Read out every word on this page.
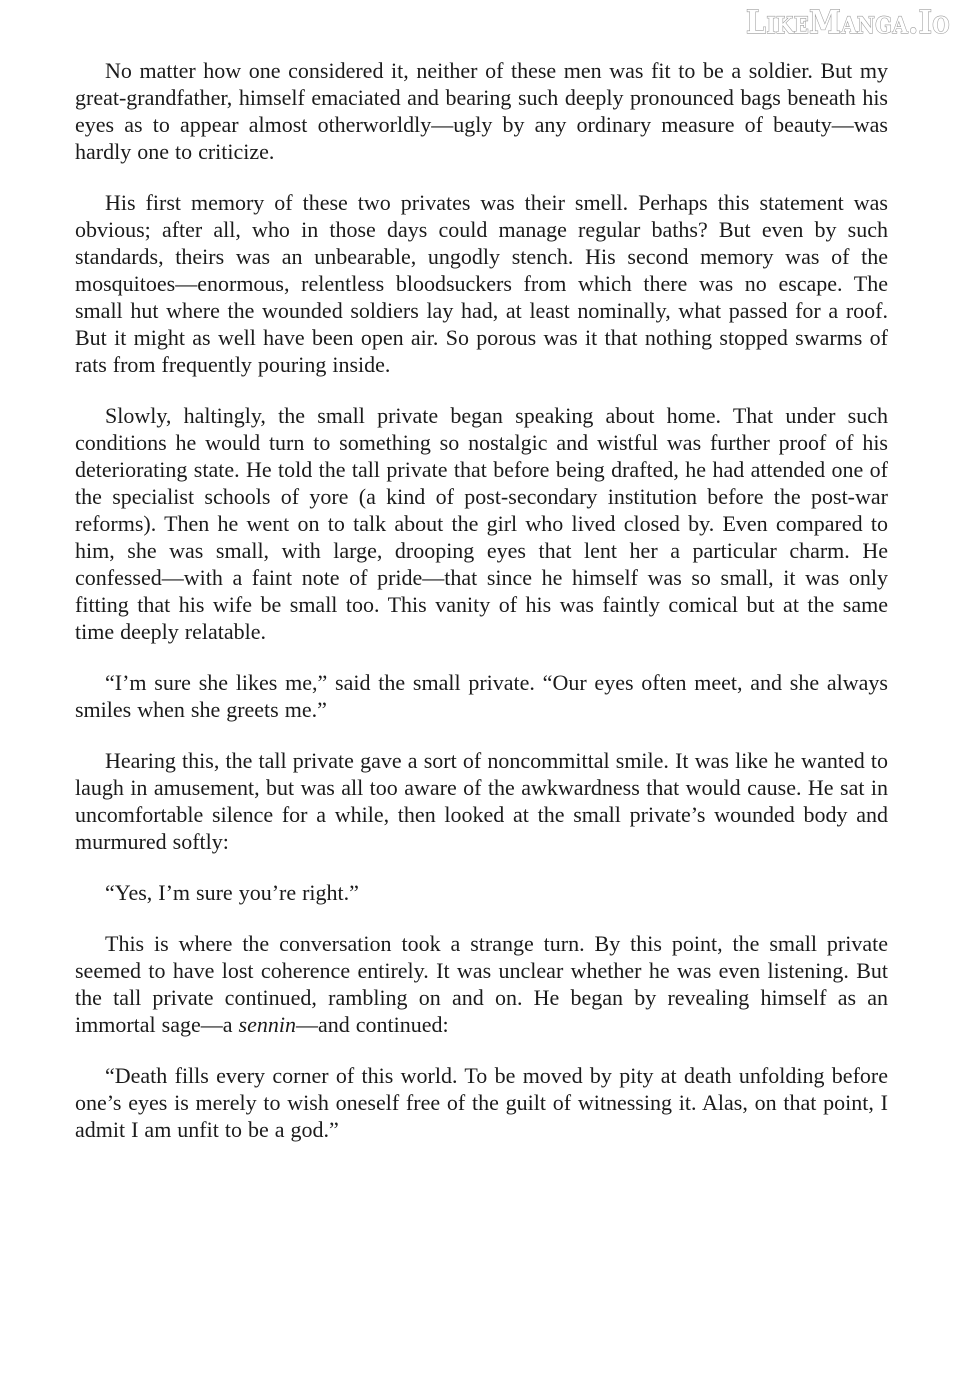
LikeManga.Io

No matter how one considered it, neither of these men was fit to be a soldier. But my great-grandfather, himself emaciated and bearing such deeply pronounced bags beneath his eyes as to appear almost otherworldly—ugly by any ordinary measure of beauty—was hardly one to criticize.

His first memory of these two privates was their smell. Perhaps this statement was obvious; after all, who in those days could manage regular baths? But even by such standards, theirs was an unbearable, ungodly stench. His second memory was of the mosquitoes—enormous, relentless bloodsuckers from which there was no escape. The small hut where the wounded soldiers lay had, at least nominally, what passed for a roof. But it might as well have been open air. So porous was it that nothing stopped swarms of rats from frequently pouring inside.

Slowly, haltingly, the small private began speaking about home. That under such conditions he would turn to something so nostalgic and wistful was further proof of his deteriorating state. He told the tall private that before being drafted, he had attended one of the specialist schools of yore (a kind of post-secondary institution before the post-war reforms). Then he went on to talk about the girl who lived closed by. Even compared to him, she was small, with large, drooping eyes that lent her a particular charm. He confessed—with a faint note of pride—that since he himself was so small, it was only fitting that his wife be small too. This vanity of his was faintly comical but at the same time deeply relatable.

“I’m sure she likes me,” said the small private. “Our eyes often meet, and she always smiles when she greets me.”

Hearing this, the tall private gave a sort of noncommittal smile. It was like he wanted to laugh in amusement, but was all too aware of the awkwardness that would cause. He sat in uncomfortable silence for a while, then looked at the small private’s wounded body and murmured softly:

“Yes, I’m sure you’re right.”

This is where the conversation took a strange turn. By this point, the small private seemed to have lost coherence entirely. It was unclear whether he was even listening. But the tall private continued, rambling on and on. He began by revealing himself as an immortal sage—a sennin—and continued:

“Death fills every corner of this world. To be moved by pity at death unfolding before one’s eyes is merely to wish oneself free of the guilt of witnessing it. Alas, on that point, I admit I am unfit to be a god.”
